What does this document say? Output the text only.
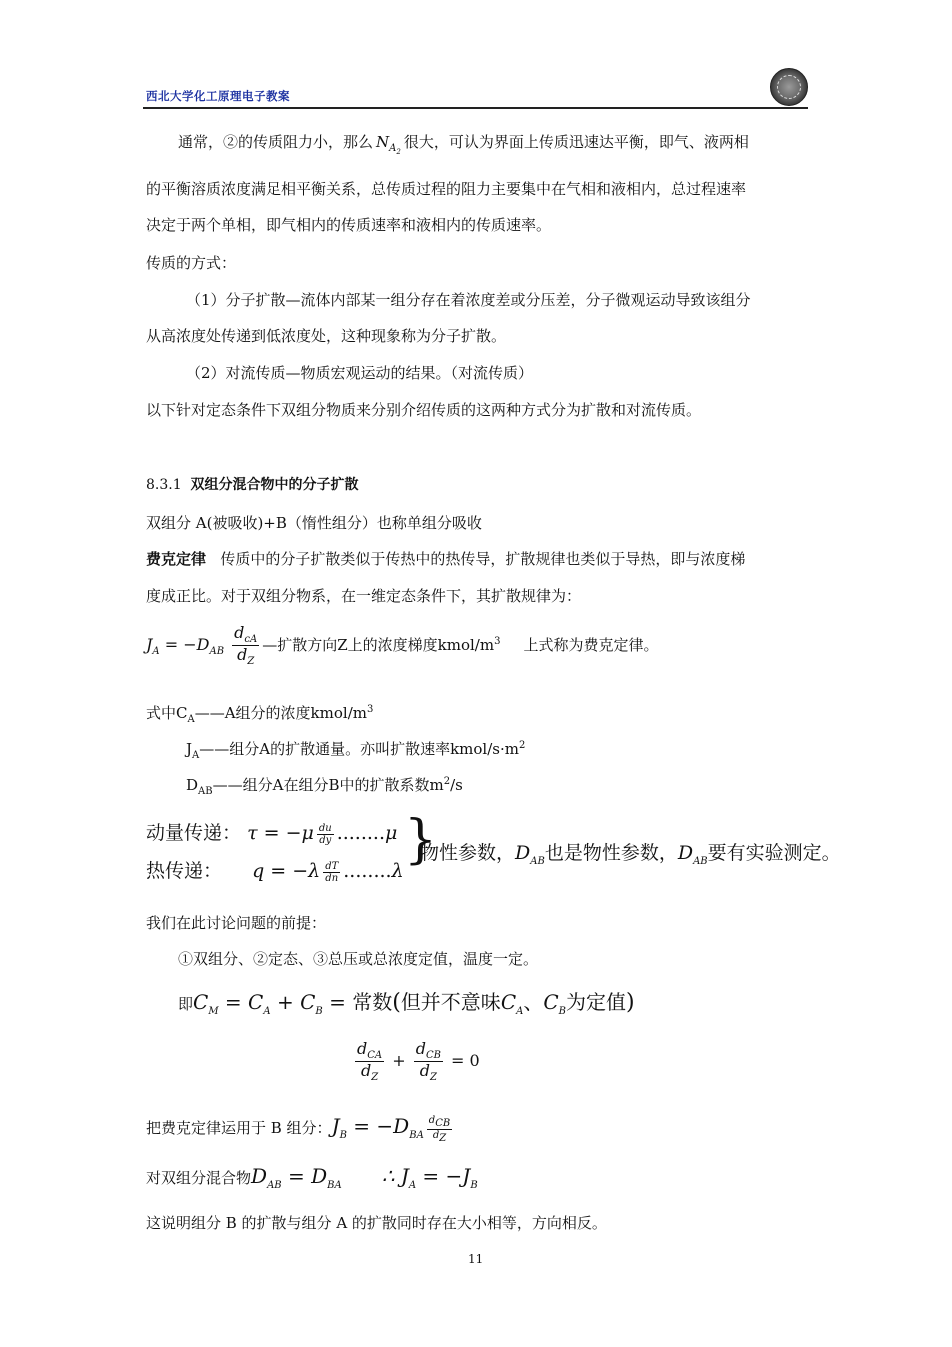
西北大学化工原理电子教案
通常，②的传质阻力小，那么 $N_{A_2}$很大，可认为界面上传质迅速达平衡，即气、液两相
的平衡溶质浓度满足相平衡关系，总传质过程的阻力主要集中在气相和液相内，总过程速率
决定于两个单相，即气相内的传质速率和液相内的传质速率。
传质的方式：
（1）分子扩散—流体内部某一组分存在着浓度差或分压差，分子微观运动导致该组分
从高浓度处传递到低浓度处，这种现象称为分子扩散。
（2）对流传质—物质宏观运动的结果。（对流传质）
以下针对定态条件下双组分物质来分别介绍传质的这两种方式分为扩散和对流传质。
8.3.1 双组分混合物中的分子扩散
双组分 A(被吸收)+B（惰性组分）也称单组分吸收
费克定律 传质中的分子扩散类似于传热中的热传导，扩散规律也类似于导热，即与浓度梯
度成正比。对于双组分物系，在一维定态条件下，其扩散规律为：
$J_A = -D_{AB} \frac{d_{cA}}{d_Z}$ —扩散方向Z上的浓度梯度kmol/$m^3$ 上式称为费克定律。
式中$C_A——A$组分的浓度kmol/$m^3$
$J_A——$组分A的扩散通量。亦叫扩散速率kmol/$s\cdot m^2$
$D_{AB}——$组分A在组分B中的扩散系数$m^2/s$
动量传递： $\tau = -\mu \frac{du}{dy} ........\mu$
热传递： $q = -\lambda \frac{dT}{dn} ........\lambda$
}
物性参数，$D_{AB}$也是物性参数，$D_{AB}$要有实验测定。
我们在此讨论问题的前提：
①双组分、②定态、③总压或总浓度定值，温度一定。
即$C_M = C_A + C_B$ = 常数(但并不意味$C_A$、$C_B$为定值)
$\frac{d_{CA}}{d_Z} + \frac{d_{CB}}{d_Z} = 0$
把费克定律运用于 B 组分：$J_B = -D_{BA} \frac{d_{CB}}{d_Z}$
对双组分混合物$D_{AB} = D_{BA}$ ∴ $J_A = -J_B$
这说明组分 B 的扩散与组分 A 的扩散同时存在大小相等，方向相反。
11
